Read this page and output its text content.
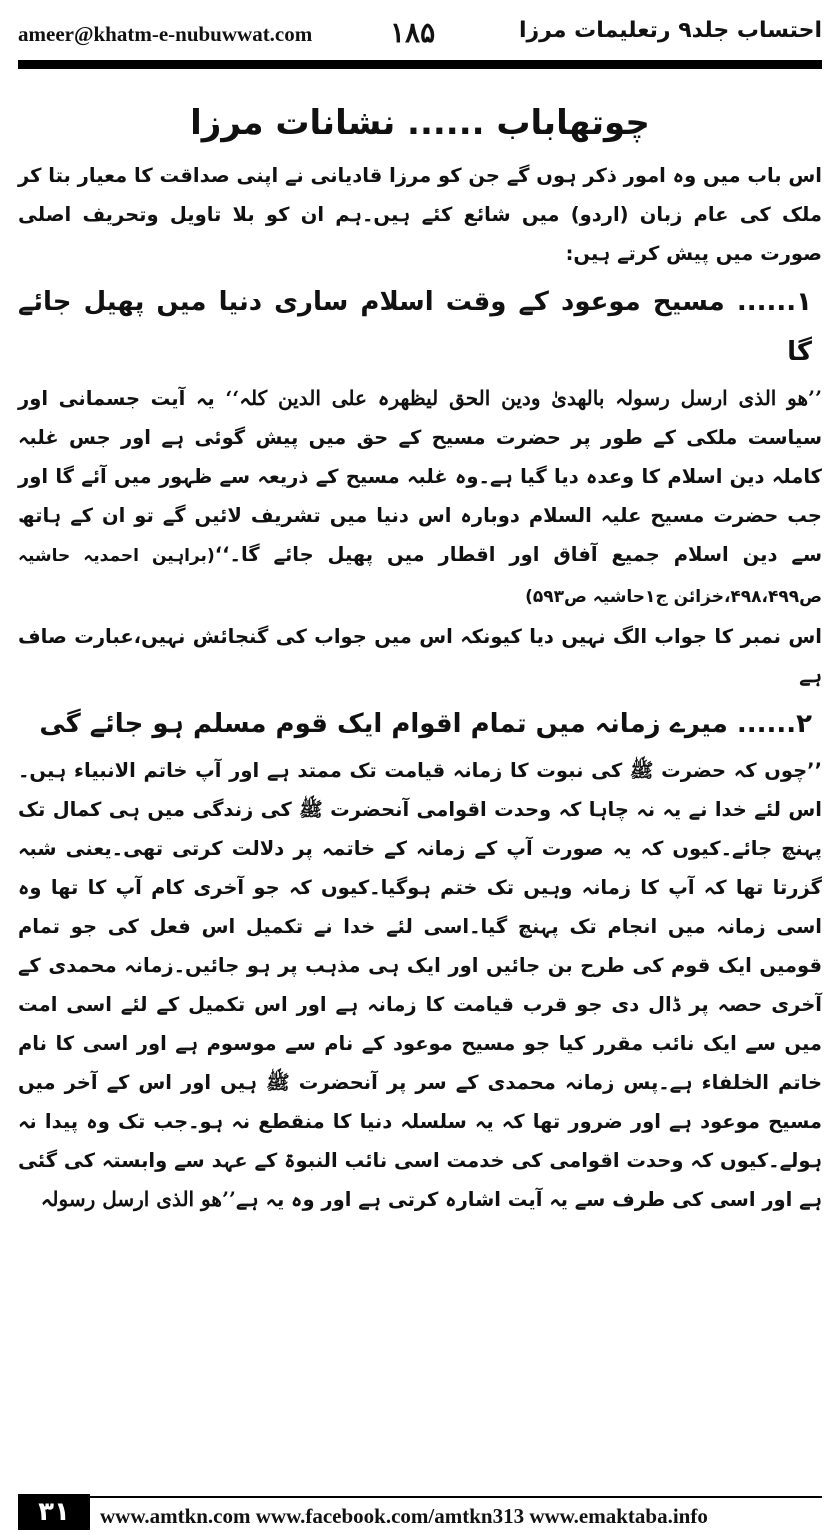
ameer@khatm-e-nubuwwat.com	۱۸۵	احتساب جلد۹ رتعلیمات مرزا
چوتھاباب ...... نشانات مرزا

اس باب میں وہ امور ذکر ہوں گے جن کو مرزا قادیانی نے اپنی صداقت کا معیار بتا کر ملک کی عام زبان (اردو) میں شائع کئے ہیں۔ہم ان کو بلا تاویل وتحریف اصلی صورت میں پیش کرتے ہیں:

۱...... مسیح موعود کے وقت اسلام ساری دنیا میں پھیل جائے گا

’’ھو الذی ارسل رسولہ بالھدیٰ ودین الحق لیظھرہ علی الدین کلہ‘‘ یہ آیت جسمانی اور سیاست ملکی کے طور پر حضرت مسیح کے حق میں پیش گوئی ہے اور جس غلبہ کاملہ دین اسلام کا وعدہ دیا گیا ہے۔وہ غلبہ مسیح کے ذریعہ سے ظہور میں آئے گا اور جب حضرت مسیح علیہ السلام دوبارہ اس دنیا میں تشریف لائیں گے تو ان کے ہاتھ سے دین اسلام جمیع آفاق اور اقطار میں پھیل جائے گا۔‘‘(براہین احمدیہ حاشیہ ص۴۹۸،۴۹۹،خزائن ج۱حاشیہ ص۵۹۳)

اس نمبر کا جواب الگ نہیں دیا کیونکہ اس میں جواب کی گنجائش نہیں،عبارت صاف ہے

۲...... میرے زمانہ میں تمام اقوام ایک قوم مسلم ہو جائے گی

’’چوں کہ حضرت ﷺ کی نبوت کا زمانہ قیامت تک ممتد ہے اور آپ خاتم الانبیاء ہیں۔اس لئے خدا نے یہ نہ چاہا کہ وحدت اقوامی آنحضرت ﷺ کی زندگی میں ہی کمال تک پہنچ جائے۔کیوں کہ یہ صورت آپ کے زمانہ کے خاتمہ پر دلالت کرتی تھی۔یعنی شبہ گزرتا تھا کہ آپ کا زمانہ وہیں تک ختم ہوگیا۔کیوں کہ جو آخری کام آپ کا تھا وہ اسی زمانہ میں انجام تک پہنچ گیا۔اسی لئے خدا نے تکمیل اس فعل کی جو تمام قومیں ایک قوم کی طرح بن جائیں اور ایک ہی مذہب پر ہو جائیں۔زمانہ محمدی کے آخری حصہ پر ڈال دی جو قرب قیامت کا زمانہ ہے اور اس تکمیل کے لئے اسی امت میں سے ایک نائب مقرر کیا جو مسیح موعود کے نام سے موسوم ہے اور اسی کا نام خاتم الخلفاء ہے۔پس زمانہ محمدی کے سر پر آنحضرت ﷺ ہیں اور اس کے آخر میں مسیح موعود ہے اور ضرور تھا کہ یہ سلسلہ دنیا کا منقطع نہ ہو۔جب تک وہ پیدا نہ ہولے۔کیوں کہ وحدت اقوامی کی خدمت اسی نائب النبوۃ کے عہد سے وابستہ کی گئی ہے اور اسی کی طرف سے یہ آیت اشارہ کرتی ہے اور وہ یہ ہے’’ھو الذی ارسل رسولہ

۳۱	www.amtkn.com www.facebook.com/amtkn313 www.emaktaba.info
